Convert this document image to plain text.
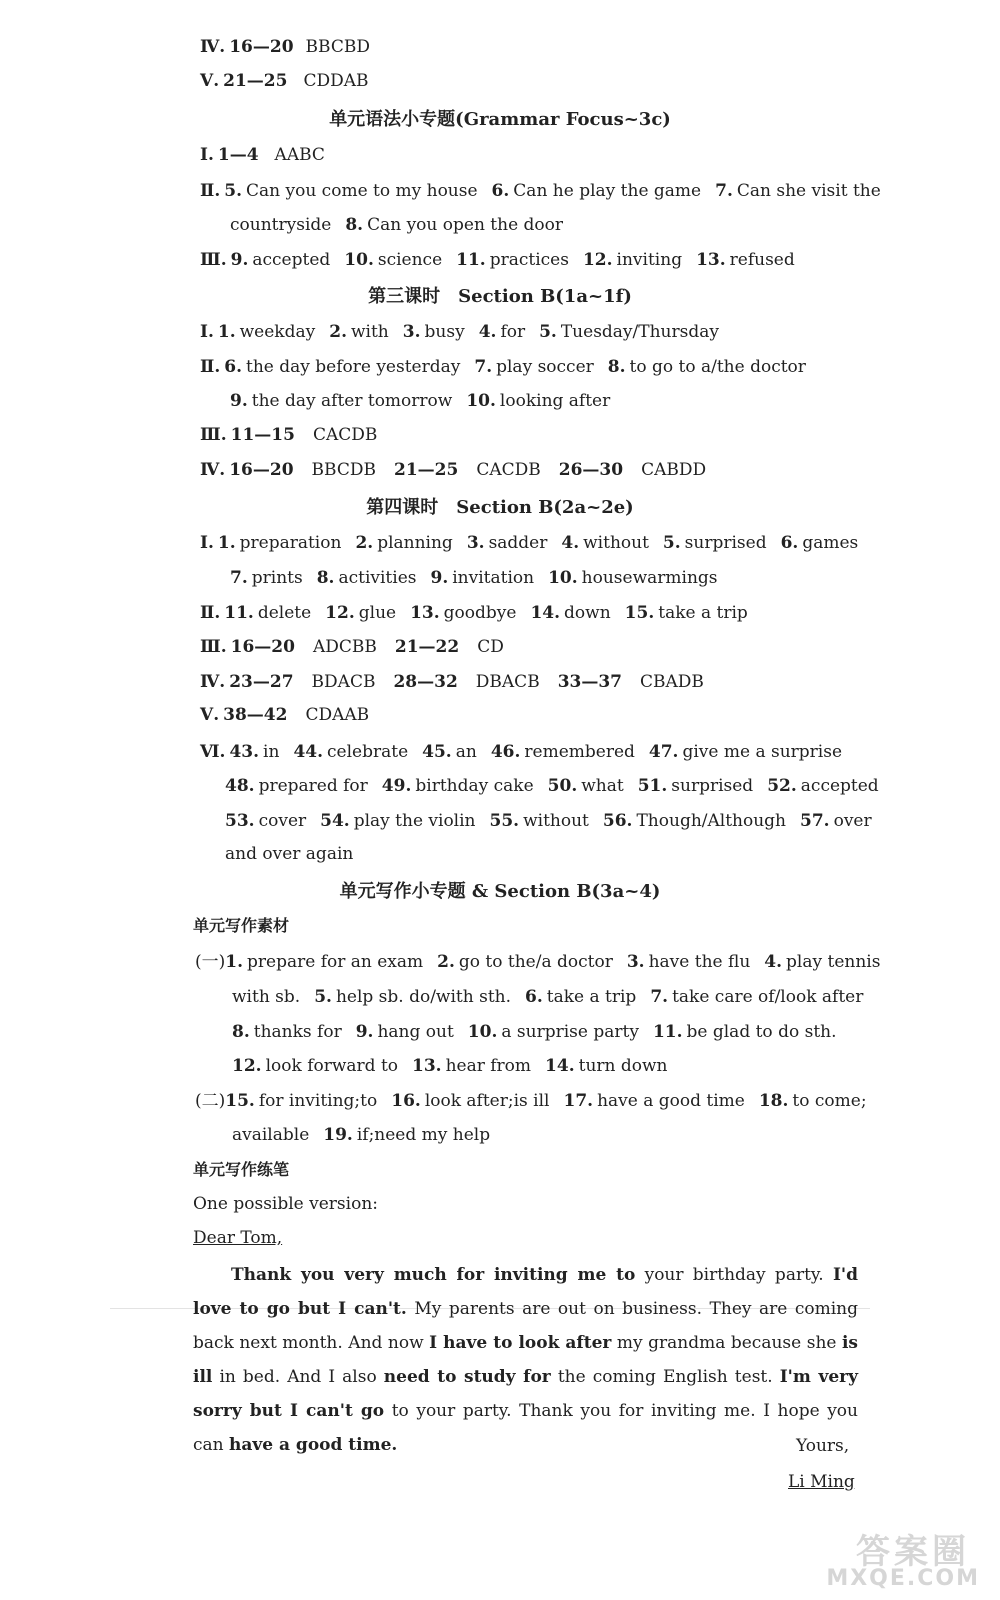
Ⅳ. 16—20 BBCBD
Ⅴ. 21—25 CDDAB
单元语法小专题(Grammar Focus~3c)
Ⅰ. 1—4 AABC
Ⅱ. 5. Can you come to my house 6. Can he play the game 7. Can she visit the
countryside 8. Can you open the door
Ⅲ. 9. accepted 10. science 11. practices 12. inviting 13. refused
第三课时　Section B(1a~1f)
Ⅰ. 1. weekday 2. with 3. busy 4. for 5. Tuesday/Thursday
Ⅱ. 6. the day before yesterday 7. play soccer 8. to go to a/the doctor
9. the day after tomorrow 10. looking after
Ⅲ. 11—15 CACDB
Ⅳ. 16—20 BBCDB 21—25 CACDB 26—30 CABDD
第四课时　Section B(2a~2e)
Ⅰ. 1. preparation 2. planning 3. sadder 4. without 5. surprised 6. games
7. prints 8. activities 9. invitation 10. housewarmings
Ⅱ. 11. delete 12. glue 13. goodbye 14. down 15. take a trip
Ⅲ. 16—20 ADCBB 21—22 CD
Ⅳ. 23—27 BDACB 28—32 DBACB 33—37 CBADB
Ⅴ. 38—42 CDAAB
Ⅵ. 43. in 44. celebrate 45. an 46. remembered 47. give me a surprise
48. prepared for 49. birthday cake 50. what 51. surprised 52. accepted
53. cover 54. play the violin 55. without 56. Though/Although 57. over
and over again
单元写作小专题 & Section B(3a~4)
单元写作素材
(一)1. prepare for an exam 2. go to the/a doctor 3. have the flu 4. play tennis
with sb. 5. help sb. do/with sth. 6. take a trip 7. take care of/look after
8. thanks for 9. hang out 10. a surprise party 11. be glad to do sth.
12. look forward to 13. hear from 14. turn down
(二)15. for inviting;to 16. look after;is ill 17. have a good time 18. to come;
available 19. if;need my help
单元写作练笔
One possible version:
Dear Tom,

Thank you very much for inviting me to your birthday party. I'd love to go but I can't. My parents are out on business. They are coming back next month. And now I have to look after my grandma because she is ill in bed. And I also need to study for the coming English test. I'm very sorry but I can't go to your party. Thank you for inviting me. I hope you can have a good time.	Yours,
Li Ming
答案圈
MXQE.COM
